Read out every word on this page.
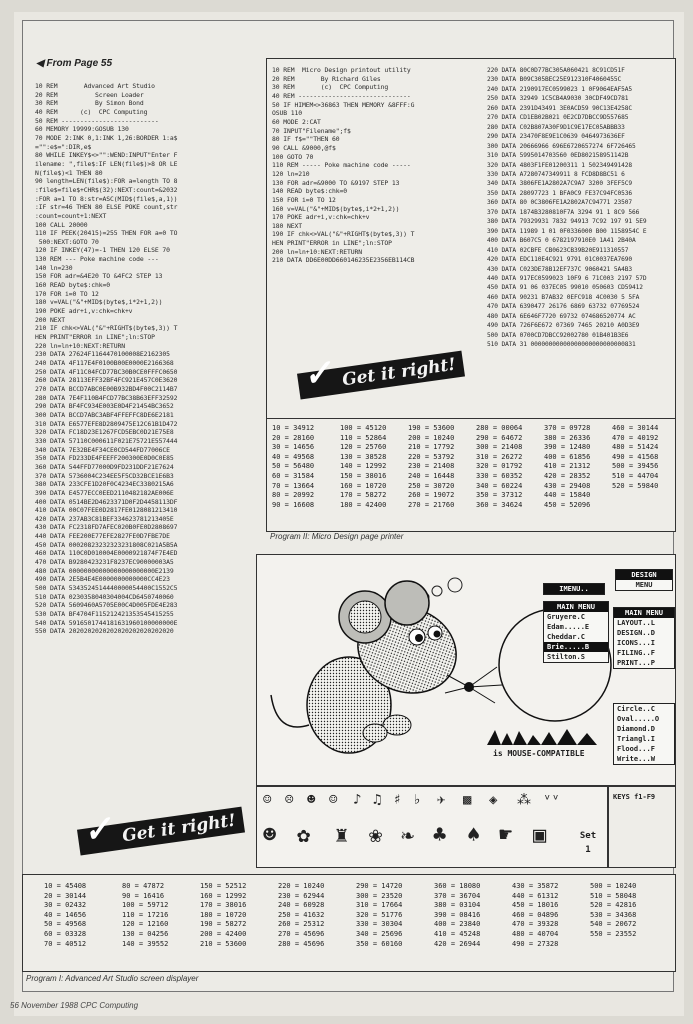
◀ From Page 55
10 REM       Advanced Art Studio
20 REM          Screen Loader
30 REM          By Simon Bond
40 REM      (c)  CPC Computing
50 REM --------------------------
60 MEMORY 19999:GOSUB 130
70 MODE 2:INK 0,1:INK 1,26:BORDER 1:a$
="":e$=":DIR,e$
80 WHILE INKEY$<>"":WEND:INPUT"Enter F
ilename: ",file$:IF LEN(file$)>8 OR LE
N(file$)<1 THEN 80
90 length=LEN(file$):FOR a=length TO 8
:file$=file$+CHR$(32):NEXT:count=&2032
:FOR a=1 TO 8:str=ASC(MID$(file$,a,1))
:IF str=46 THEN 80 ELSE POKE count,str
:count=count+1:NEXT
100 CALL 20000
110 IF PEEK(20415)=255 THEN FOR a=0 TO
500:NEXT:GOTO 70
120 IF INKEY(47)=-1 THEN 120 ELSE 70
130 REM --- Poke machine code ---
140 ln=230
150 FOR adr=&4E20 TO &4FC2 STEP 13
160 READ byte$:chk=0
170 FOR i=0 TO 12
180 v=VAL("&"+MID$(byte$,i*2+1,2))
190 POKE adr+i,v:chk=chk+v
200 NEXT
210 IF chk<>VAL("&"+RIGHT$(byte$,3)) T
HEN PRINT"ERROR in LINE";ln:STOP
220 ln=ln+10:NEXT:RETURN
230 DATA 27624F1164470100008E2162305
240 DATA 4F117E4F0100B00E0000E2166368
250 DATA 4F11C04FCD77BC30B0CE0FFFC0650
260 DATA 28113EFF32BF4FC921E457C0E3620
270 DATA BCCD7ABC0E00B932BD4F00C2114B7
280 DATA 7E4F110B4FCD77BC38B63EFF32592
290 DATA BF4FC934E003E0D4F21454BC3652
300 DATA BCCD7ABC3ABF4FFEFFC8DE6E2181
310 DATA E6577EFE8D2809475E12C61B1D472
320 DATA FC18D23E1267FCD5EBC0D21E75E8
330 DATA 57110C000611F021E75721E557444
340 DATA 7E32BE4F34CE0CD544FD77006CE
350 DATA FD233DE4FEEFF200300E0D0C0E85
360 DATA 544FFD77000D9FD231DDF21E7624
370 DATA 5736004C234EE5F5CD32BCE1E6B3
380 DATA 233CFE1D20F0C4234EC3380215A6
390 DATA E4577ECC0EED2110482182AE006E
400 DATA 0514BE2D4623371D0F2D4458113DF
410 DATA 00C07FEE0D2817FE0128081213410
420 DATA 237AB3C81BEF334623781213405E
430 DATA FC2318FD7AFEC020B0FE0D2808697
440 DATA FEE200E77EFE2827FE0D7FBE7DE
450 DATA 00020823232323231808C021A5B5A
460 DATA 110C0D010004E0000921874F7E4ED
470 DATA B9280423231F8237EC90000003A5
480 DATA 00000000000000000000000E2139
490 DATA 2E5B4E4E0000000000000CC4E23
500 DATA 5343524514440000054400C1552C5
510 DATA 0230358040304004CD6450740060
520 DATA 5609460A5705E00C4D005FDE4E283
530 DATA BF4704F115212421353545415255
540 DATA 5916501744181631960100000000E
550 DATA 2020202020202020202020202020
10 REM  Micro Design printout utility
20 REM       By Richard Giles
30 REM       (c)  CPC Computing
40 REM ------------------------------
50 IF HIMEM<>36863 THEN MEMORY &8FFF:G
OSUB 110
60 MODE 2:CAT
70 INPUT"Filename";f$
80 IF f$=""THEN 60
90 CALL &9000,@f$
100 GOTO 70
110 REM ----- Poke machine code -----
120 ln=210
130 FOR adr=&9000 TO &9197 STEP 13
140 READ byte$:chk=0
150 FOR i=0 TO 12
160 v=VAL("&"+MID$(byte$,i*2+1,2))
170 POKE adr+i,v:chk=chk+v
180 NEXT
190 IF chk<>VAL("&"+RIGHT$(byte$,3)) T
HEN PRINT"ERROR in LINE";ln:STOP
200 ln=ln+10:NEXT:RETURN
210 DATA DD6E00DD660146235E2356EB114CB
220 DATA 80C0D77BC305A060421 8C91CD51F
230 DATA B09C305BEC25E912310F4060455C
240 DATA 2190917EC0599023 1 0F9064EAF5A5
250 DATA 32949 1C5CB4A9030 30CDF49CD781
260 DATA 2391D43491 3E0ACD59 90C13E4258C
270 DATA CD1EB02B021 0E2CD7DBCC9D557685
280 DATA C02B807A30F9D1C9E17EC05ABBB33
290 DATA 23470F8E9E1C0639 0464973636EF
300 DATA 20666966 696E6720657274 6F726465
310 DATA 5995014703560 0ED802158951142B
320 DATA 4803F1FE01200311 1 502349491428
330 DATA A7280747349911 8 FCD8D8BC51 6
340 DATA 3806FE1A2802A7C9A7 3200 3FEF5C9
350 DATA 28097723 1 BFA0C9 FE37C94FC0536
360 DATA 80 0C3806FE1A2802A7C94771 23507
370 DATA 1874B3280810F7A 3294 91 1 8C9 566
380 DATA 79329931 7832 94913 7C92 197 91 5E9
390 DATA 11989 1 01 0F0336000 B00 1158954C E
400 DATA B607C5 0 6782197910E0 1A41 2B40A
410 DATA 02CBFE CB0623CB39B20E911310557
420 DATA EDC110E4C921 9791 01C0037EA7690
430 DATA C023DE78B12EF737C 9060421 5A4B3
440 DATA 917EC0599023 10F9 6 71C003 2197 57D
450 DATA 91 06 037EC05 99010 050603 CD59412
460 DATA 90231 B7AB32 0EFC918 4C0030 5 5FA
470 DATA 6390477 26176 6869 63732 07769524
480 DATA 6E646F7720 69732 074686520774 AC
490 DATA 726F6E672 07369 7465 20210 A0D3E9
500 DATA 0700CD7DBCC92002780 01B401B3E6
510 DATA 31 00000000000000000000000000831
✓ Get it right!
10 = 34912	100 = 45120	190 = 53600	280 = 00064	370 = 09728	460 = 30144
20 = 28160	110 = 52864	200 = 10240	290 = 64672	380 = 26336	470 = 40192
30 = 14656	120 = 25760	210 = 17792	300 = 21408	390 = 12480	480 = 51424
40 = 49568	130 = 38528	220 = 53792	310 = 26272	400 = 61856	490 = 41568
50 = 56480	140 = 12992	230 = 21408	320 = 01792	410 = 21312	500 = 39456
60 = 31584	150 = 38016	240 = 16448	330 = 60352	420 = 28352	510 = 44704
70 = 13664	160 = 10720	250 = 30720	340 = 60224	430 = 29408	520 = 59840
80 = 20992	170 = 58272	260 = 19072	350 = 37312	440 = 15840
90 = 16608	180 = 42400	270 = 21760	360 = 34624	450 = 52096
Program II: Micro Design page printer
IMENU..
MAIN MENU
Gruyere.C
Edam.....E
Cheddar.C
Brie.....B
Stilton.S
is MOUSE-COMPATIBLE
DESIGN
MENU
MAIN MENU
LAYOUT..L
DESIGN..D
ICONS...I
FILING..F
PRINT...P
Circle..C
Oval.....O
Diamond.D
Triangl.I
Flood...F
Write...W
☺ ☹ ☻ ☺ ♪ ♫ ♯ ♭ ✈ ▩ ◈ ⁂ ᵛᵛ
☻ ✿ ♜ ❀ ❧ ♣ ♠ ☛ ▣	Set
1
KEYS f1-F9
✓ Get it right!
10 = 45408	80 = 47872	150 = 52512	220 = 10240	290 = 14720	360 = 18080	430 = 35872	500 = 10240
20 = 30144	90 = 16416	160 = 12992	230 = 62944	300 = 23520	370 = 36704	440 = 61312	510 = 58048
30 = 02432	100 = 59712	170 = 38016	240 = 60928	310 = 17664	380 = 03104	450 = 18016	520 = 42816
40 = 14656	110 = 17216	180 = 10720	250 = 41632	320 = 51776	390 = 08416	460 = 04896	530 = 34368
50 = 49568	120 = 12160	190 = 58272	260 = 25312	330 = 30304	400 = 23840	470 = 39328	540 = 20672
60 = 03328	130 = 04256	200 = 42400	270 = 45696	340 = 25696	410 = 45248	480 = 40704	550 = 23552
70 = 40512	140 = 39552	210 = 53600	280 = 45696	350 = 60160	420 = 26944	490 = 27328
Program I: Advanced Art Studio screen displayer
56 November 1988 CPC Computing
